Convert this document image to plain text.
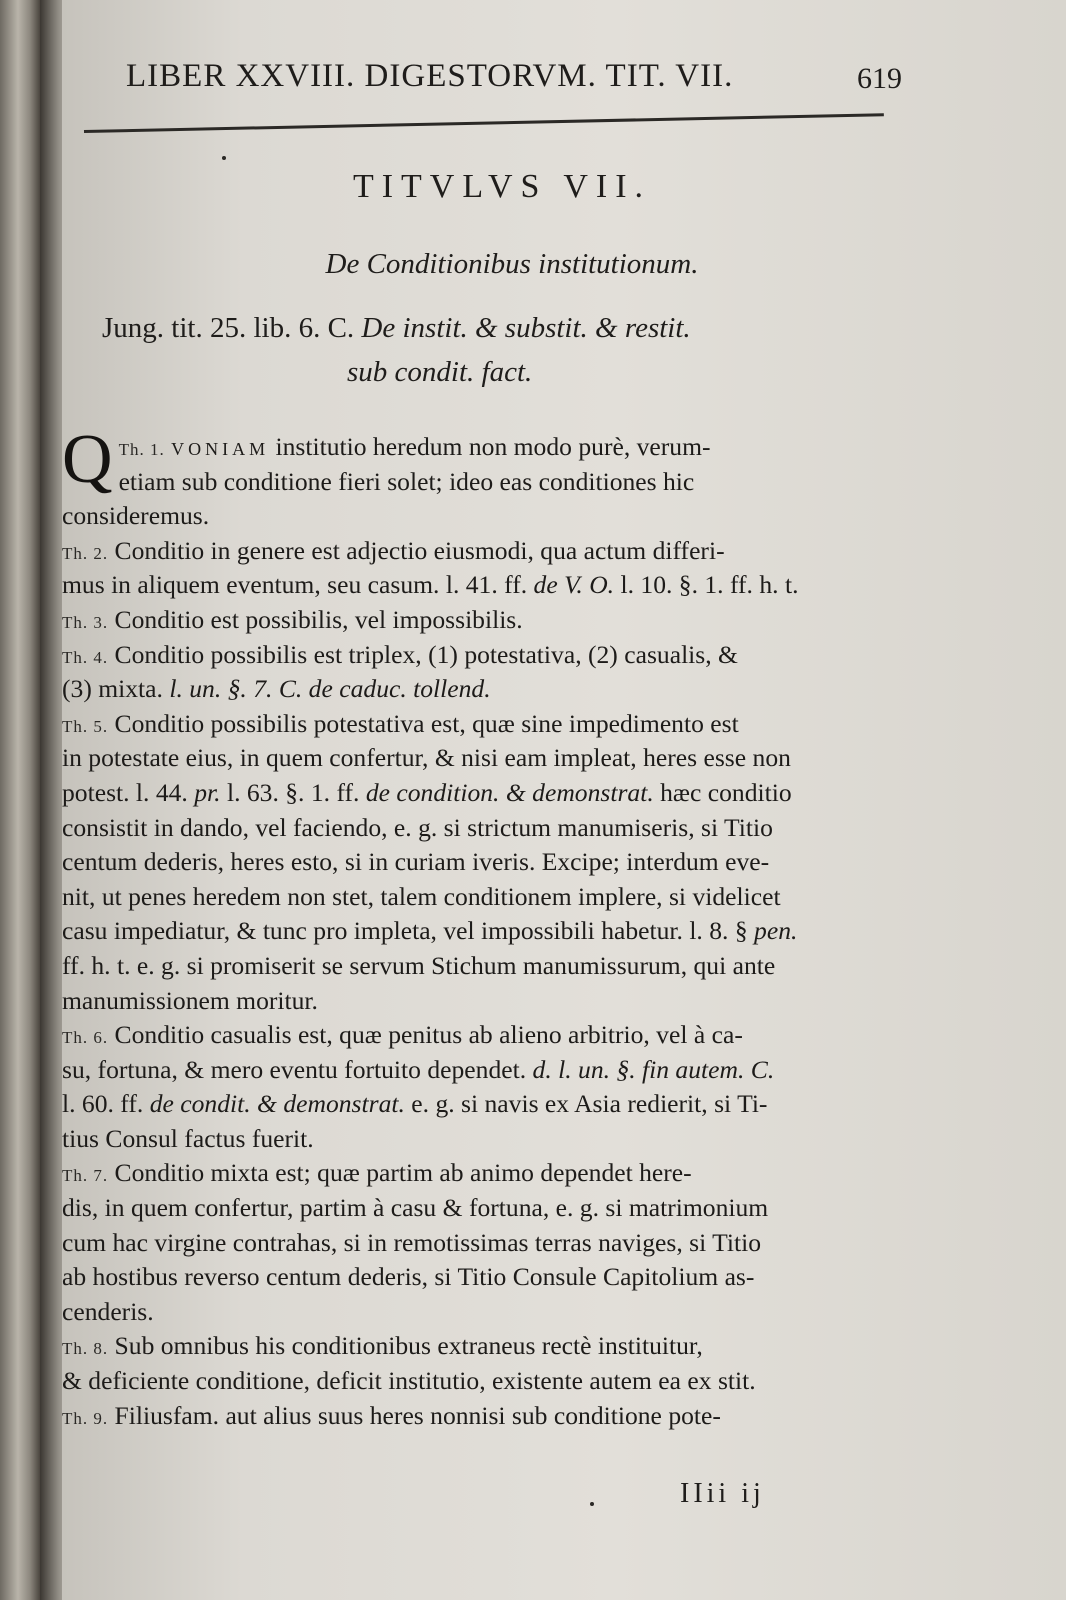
LIBER XXVIII. DIGESTORVM. TIT. VII.	619
TITVLVS VII.
De Conditionibus institutionum.
Jung. tit. 25. lib. 6. C. De instit. & substit. & restit.
sub condit. fact.
Th. 1.
Q	VONIAM institutio heredum non modo purè, verum-
etiam sub conditione fieri solet; ideo eas conditiones hic
consideremus.
Th. 2. Conditio in genere est adjectio eiusmodi, qua actum differi-
mus in aliquem eventum, seu casum. l. 41. ff. de V. O. l. 10. §. 1. ff. h. t.
Th. 3. Conditio est possibilis, vel impossibilis.
Th. 4. Conditio possibilis est triplex, (1) potestativa, (2) casualis, &
(3) mixta. l. un. §. 7. C. de caduc. tollend.
Th. 5. Conditio possibilis potestativa est, quæ sine impedimento est
in potestate eius, in quem confertur, & nisi eam impleat, heres esse non
potest. l. 44. pr. l. 63. §. 1. ff. de condition. & demonstrat. hæc conditio
consistit in dando, vel faciendo, e. g. si strictum manumiseris, si Titio
centum dederis, heres esto, si in curiam iveris. Excipe; interdum eve-
nit, ut penes heredem non stet, talem conditionem implere, si videlicet
casu impediatur, & tunc pro impleta, vel impossibili habetur. l. 8. § pen.
ff. h. t. e. g. si promiserit se servum Stichum manumissurum, qui ante
manumissionem moritur.
Th. 6. Conditio casualis est, quæ penitus ab alieno arbitrio, vel à ca-
su, fortuna, & mero eventu fortuito dependet. d. l. un. §. fin autem. C.
l. 60. ff. de condit. & demonstrat. e. g. si navis ex Asia redierit, si Ti-
tius Consul factus fuerit.
Th. 7. Conditio mixta est; quæ partim ab animo dependet here-
dis, in quem confertur, partim à casu & fortuna, e. g. si matrimonium
cum hac virgine contrahas, si in remotissimas terras naviges, si Titio
ab hostibus reverso centum dederis, si Titio Consule Capitolium as-
cenderis.
Th. 8. Sub omnibus his conditionibus extraneus rectè instituitur,
& deficiente conditione, deficit institutio, existente autem ea ex stit.
Th. 9. Filiusfam. aut alius suus heres nonnisi sub conditione pote-
IIii ij
